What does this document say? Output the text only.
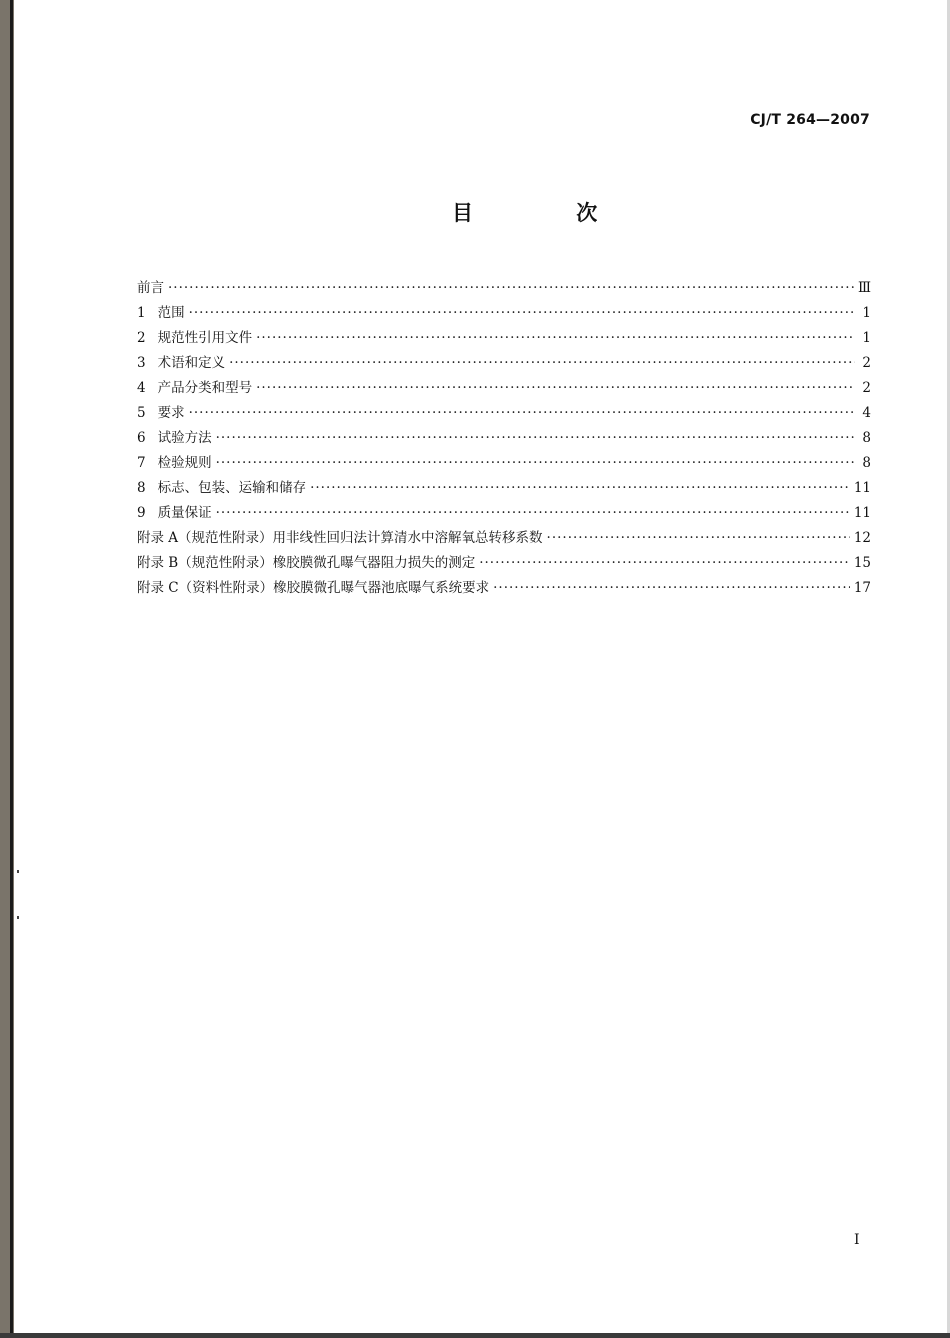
CJ/T 264—2007
目 次
前言 ·····	Ⅲ
1 范围 ·····	1
2 规范性引用文件 ·····	1
3 术语和定义 ·····	2
4 产品分类和型号 ·····	2
5 要求 ·····	4
6 试验方法 ·····	8
7 检验规则 ·····	8
8 标志、包装、运输和储存 ·····	11
9 质量保证 ·····	11
附录 A（规范性附录） 用非线性回归法计算清水中溶解氧总转移系数 ·····	12
附录 B（规范性附录） 橡胶膜微孔曝气器阻力损失的测定 ·····	15
附录 C（资料性附录） 橡胶膜微孔曝气器池底曝气系统要求 ·····	17
I
